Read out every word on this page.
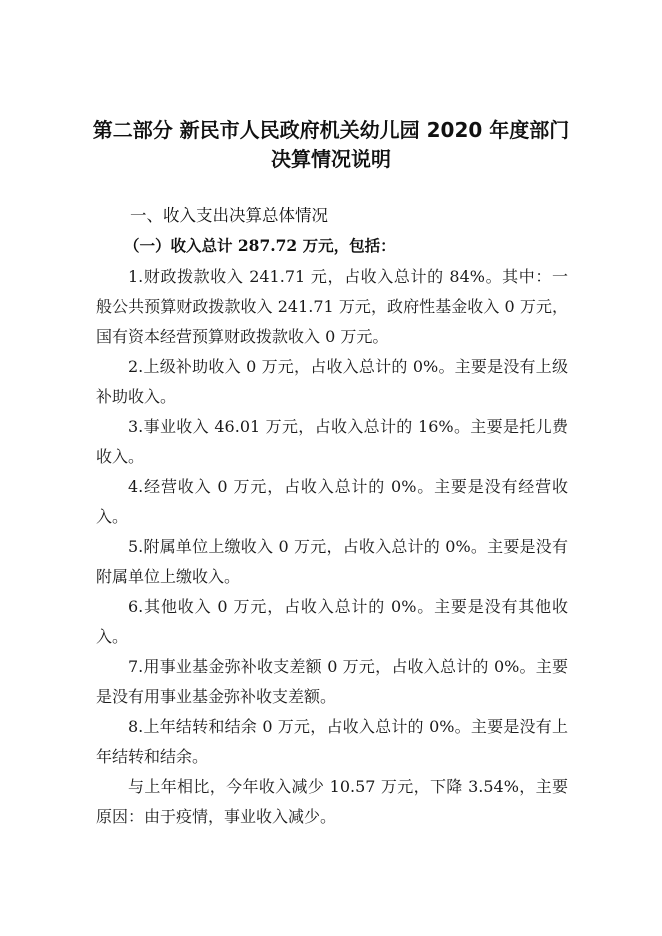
第二部分 新民市人民政府机关幼儿园 2020 年度部门
决算情况说明
一、收入支出决算总体情况
（一）收入总计 287.72 万元，包括：
1.财政拨款收入 241.71 元，占收入总计的 84%。其中：一般公共预算财政拨款收入 241.71 万元，政府性基金收入 0 万元，国有资本经营预算财政拨款收入 0 万元。
2.上级补助收入 0 万元，占收入总计的 0%。主要是没有上级补助收入。
3.事业收入 46.01 万元，占收入总计的 16%。主要是托儿费收入。
4.经营收入 0 万元，占收入总计的 0%。主要是没有经营收入。
5.附属单位上缴收入 0 万元，占收入总计的 0%。主要是没有附属单位上缴收入。
6.其他收入 0 万元，占收入总计的 0%。主要是没有其他收入。
7.用事业基金弥补收支差额 0 万元，占收入总计的 0%。主要是没有用事业基金弥补收支差额。
8.上年结转和结余 0 万元，占收入总计的 0%。主要是没有上年结转和结余。
与上年相比，今年收入减少 10.57 万元，下降 3.54%，主要原因：由于疫情，事业收入减少。
